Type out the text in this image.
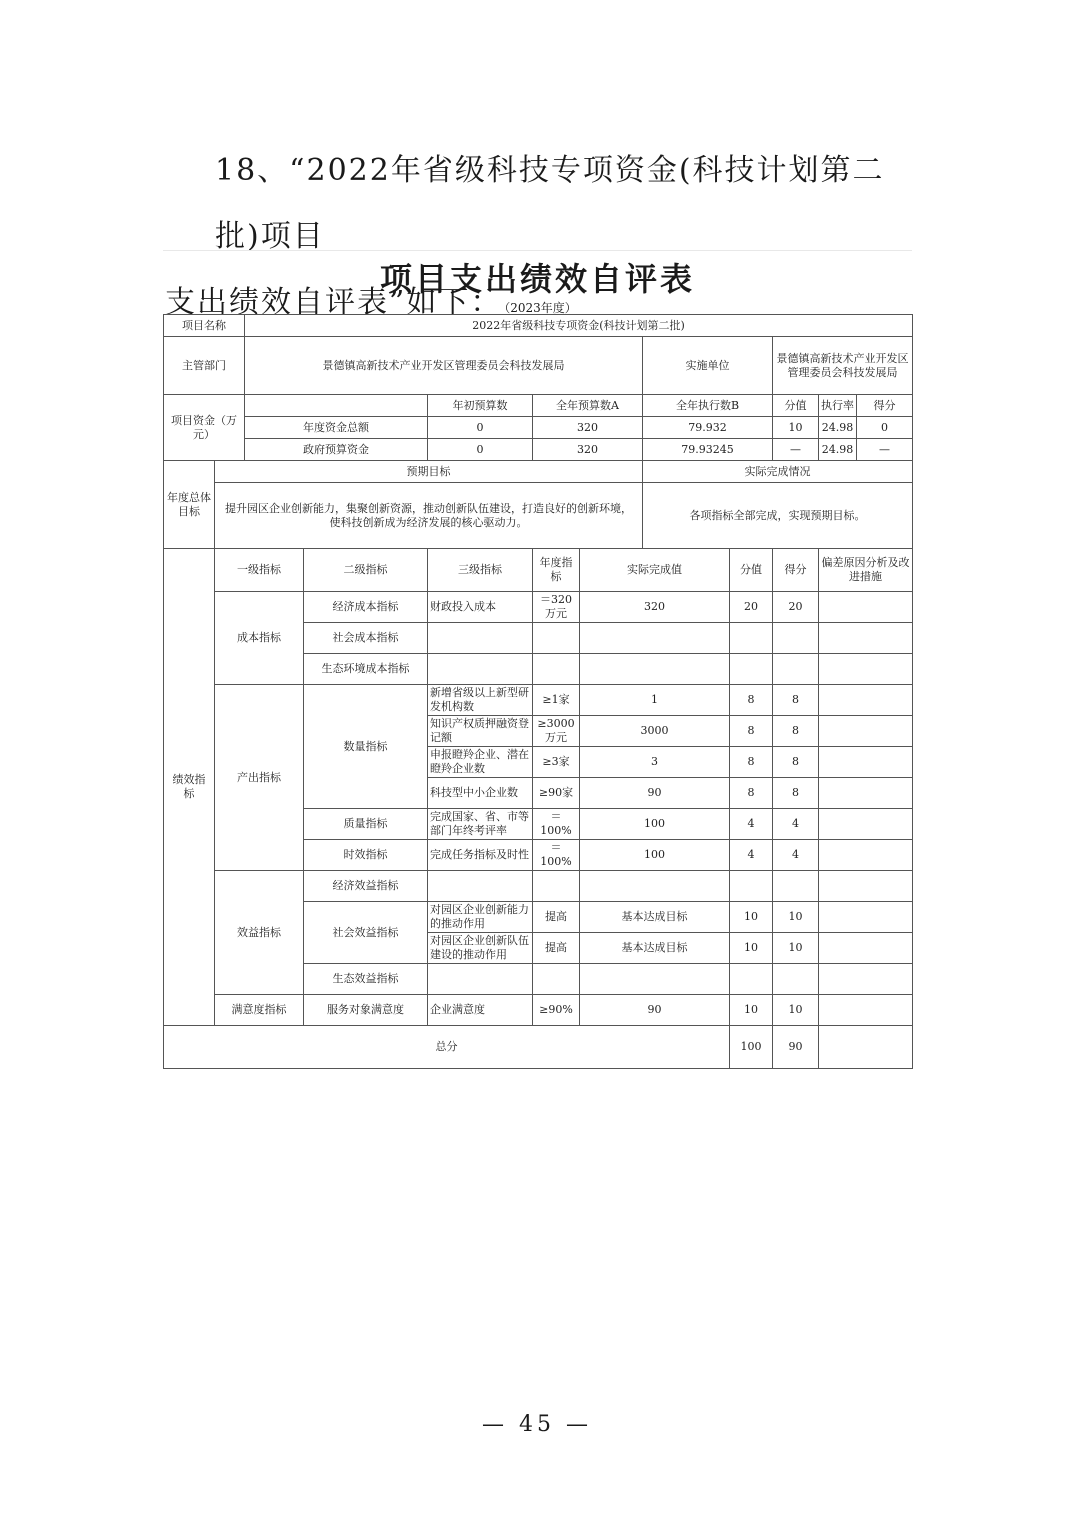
18、“2022年省级科技专项资金(科技计划第二批)项目
支出绩效自评表”如下：
项目支出绩效自评表
（2023年度）
项目名称		2022年省级科技专项资金(科技计划第二批)									
主管部门		景德镇高新技术产业开发区管理委员会科技发展局					实施单位		景德镇高新技术产业开发区管理委员会科技发展局		
项目资金（万元）				年初预算数	全年预算数A		全年执行数B		分值	执行率	得分
		年度资金总额		0	320		79.932		10	24.98	0
		政府预算资金		0	320		79.93245		—	24.98	—
年度总体目标	预期目标						实际完成情况				
	提升园区企业创新能力，集聚创新资源，推动创新队伍建设，打造良好的创新环境，使科技创新成为经济发展的核心驱动力。						各项指标全部完成，实现预期目标。				
绩效指标	一级指标		二级指标	三级指标	年度指标	实际完成值		分值	得分	偏差原因分析及改进措施	
	成本指标		经济成本指标	财政投入成本	＝320万元	320		20	20		
			社会成本指标								
			生态环境成本指标								
	产出指标		数量指标	新增省级以上新型研发机构数	≥1家	1		8	8		
				知识产权质押融资登记额	≥3000万元	3000		8	8		
				申报瞪羚企业、潜在瞪羚企业数	≥3家	3		8	8		
				科技型中小企业数	≥90家	90		8	8		
			质量指标	完成国家、省、市等部门年终考评率	＝100%	100		4	4		
			时效指标	完成任务指标及时性	＝100%	100		4	4		
	效益指标		经济效益指标								
			社会效益指标	对园区企业创新能力的推动作用	提高	基本达成目标		10	10		
				对园区企业创新队伍建设的推动作用	提高	基本达成目标		10	10		
			生态效益指标								
	满意度指标		服务对象满意度	企业满意度	≥90%	90		10	10		
总分								100	90		
— 45 —
